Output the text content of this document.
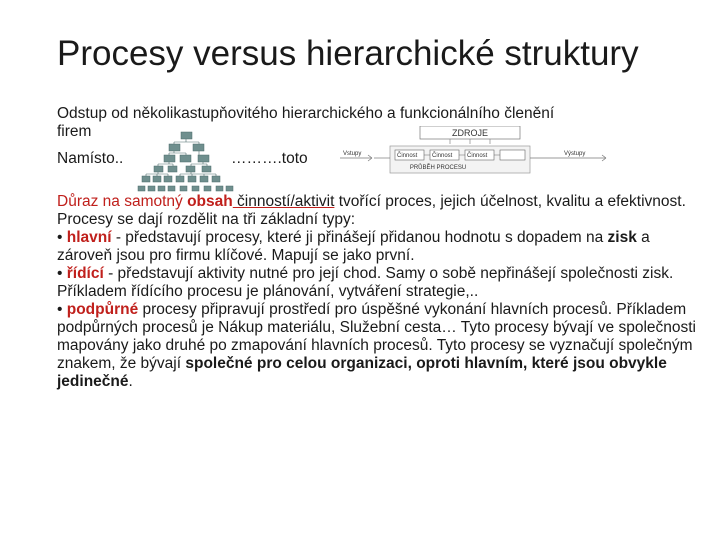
Procesy versus hierarchické struktury
Odstup od několikastupňovitého hierarchického a funkcionálního členění
firem
Namísto..	……….toto
ZDROJE
Vstupy	Činnost Činnost Činnost
PRŮBĚH PROCESU
Výstupy

Důraz na samotný obsah činností/aktivit tvořící proces, jejich účelnost, kvalitu a efektivnost.

Procesy se dají rozdělit na tři základní typy:

• hlavní - představují procesy, které ji přinášejí přidanou hodnotu s dopadem na zisk a zároveň jsou pro firmu klíčové. Mapují se jako první.

• řídící - představují aktivity nutné pro její chod. Samy o sobě nepřinášejí společnosti zisk. Příkladem řídícího procesu je plánování, vytváření strategie,..

• podpůrné procesy připravují prostředí pro úspěšné vykonání hlavních procesů. Příkladem podpůrných procesů je Nákup materiálu, Služební cesta… Tyto procesy bývají ve společnosti mapovány jako druhé po zmapování hlavních procesů. Tyto procesy se vyznačují společným znakem, že bývají společné pro celou organizaci, oproti hlavním, které jsou obvykle jedinečné.
